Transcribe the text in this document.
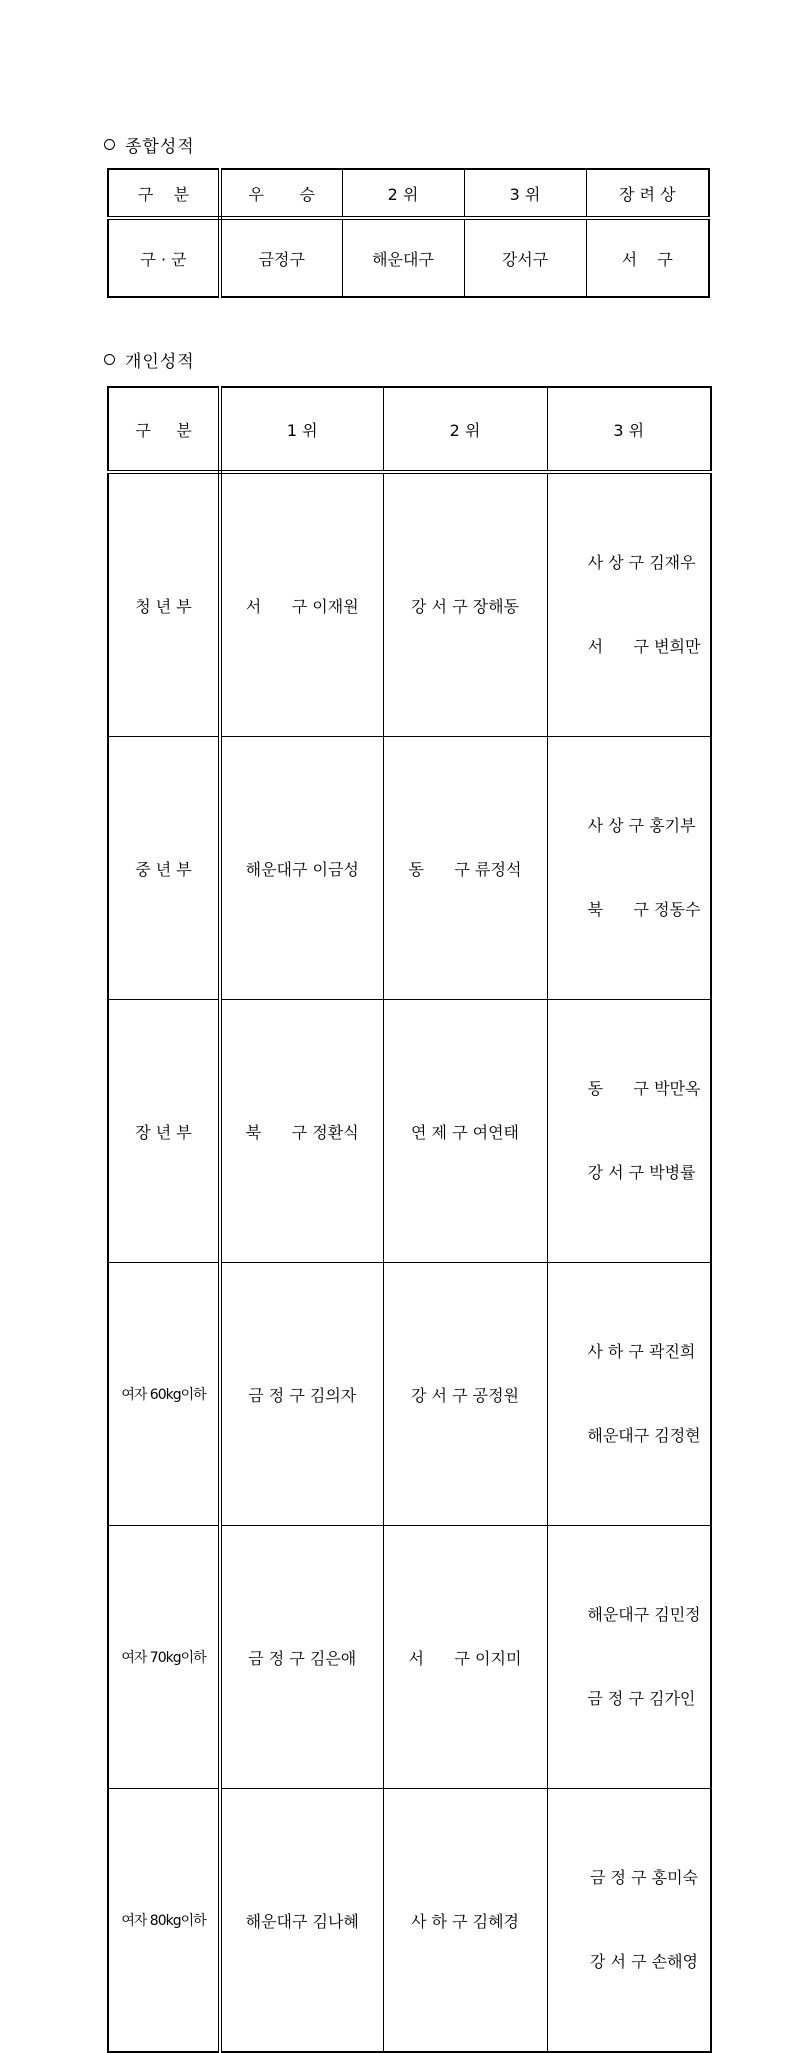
종합성적
구    분	우       승	2 위	3 위	장 려 상
구 · 군	금정구	해운대구	강서구	서    구
개인성적
구     분	1 위	2 위	3 위
청 년 부	서      구 이재원	강 서 구 장해동	사 상 구 김재우

서      구 변희만

중 년 부	해운대구 이금성	동      구 류정석	사 상 구 홍기부

북      구 정동수

장 년 부	북      구 정환식	연 제 구 여연태	동      구 박만옥

강 서 구 박병률

여자 60kg이하	금 정 구 김의자	강 서 구 공정원	사 하 구 곽진희

해운대구 김정현

여자 70kg이하	금 정 구 김은애	서      구 이지미	해운대구 김민정

금 정 구 김가인

여자 80kg이하	해운대구 김나혜	사 하 구 김혜경	금 정 구 홍미숙

강 서 구 손해영
